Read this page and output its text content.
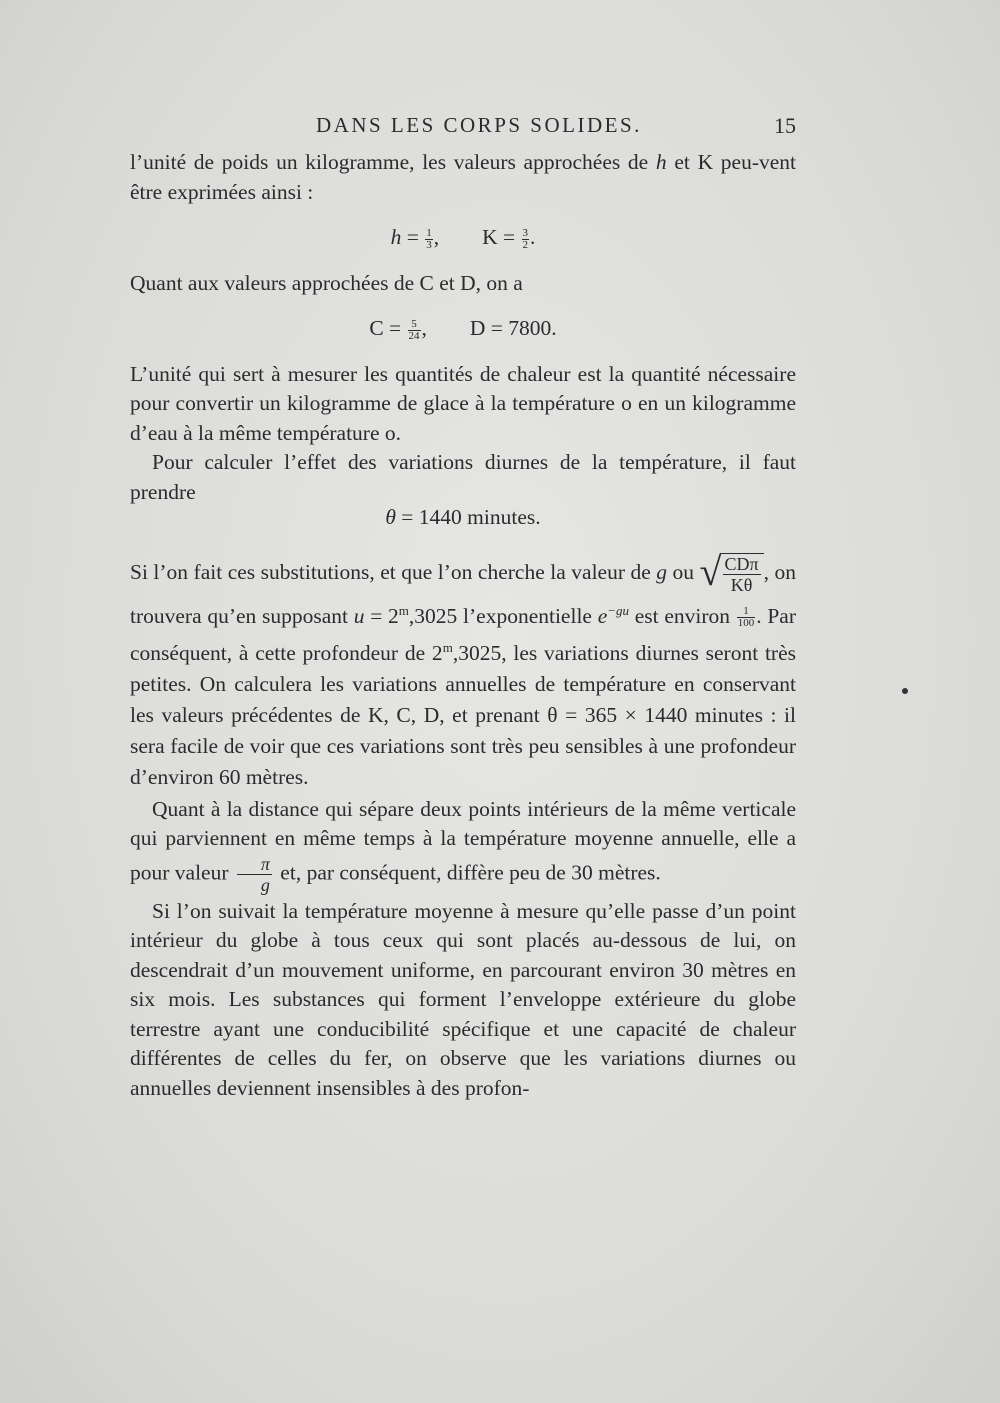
DANS LES CORPS SOLIDES.	15

l’unité de poids un kilogramme, les valeurs approchées de h et K peu-vent être exprimées ainsi :

$h = \frac{1}{3}$ ,        $K = \frac{3}{2}$ .

Quant aux valeurs approchées de C et D, on a

$C = \frac{5}{24}$ ,        D = 7800.

L’unité qui sert à mesurer les quantités de chaleur est la quantité nécessaire pour convertir un kilogramme de glace à la température o en un kilogramme d’eau à la même température o.

Pour calculer l’effet des variations diurnes de la température, il faut prendre

θ = 1440 minutes.

Si l’on fait ces substitutions, et que l’on cherche la valeur de g ou √ $\frac{\text{CDπ}}{K\theta}$ , on trouvera qu’en supposant $u = 2^m,3025$ l’exponentielle $e^{-gu}$ est environ $\frac{1}{100}$ . Par conséquent, à cette profondeur de 2$^m$,3025, les variations diurnes seront très petites. On calculera les variations annuelles de température en conservant les valeurs précédentes de K, C, D, et prenant θ = 365 × 1440 minutes : il sera facile de voir que ces variations sont très peu sensibles à une profondeur d’environ 60 mètres.

Quant à la distance qui sépare deux points intérieurs de la même verticale qui parviennent en même temps à la température moyenne annuelle, elle a pour valeur $\frac{\pi}{g}$ et, par conséquent, diffère peu de 30 mètres.

Si l’on suivait la température moyenne à mesure qu’elle passe d’un point intérieur du globe à tous ceux qui sont placés au-dessous de lui, on descendrait d’un mouvement uniforme, en parcourant environ 30 mètres en six mois. Les substances qui forment l’enveloppe extérieure du globe terrestre ayant une conducibilité spécifique et une capacité de chaleur différentes de celles du fer, on observe que les variations diurnes ou annuelles deviennent insensibles à des profon-
